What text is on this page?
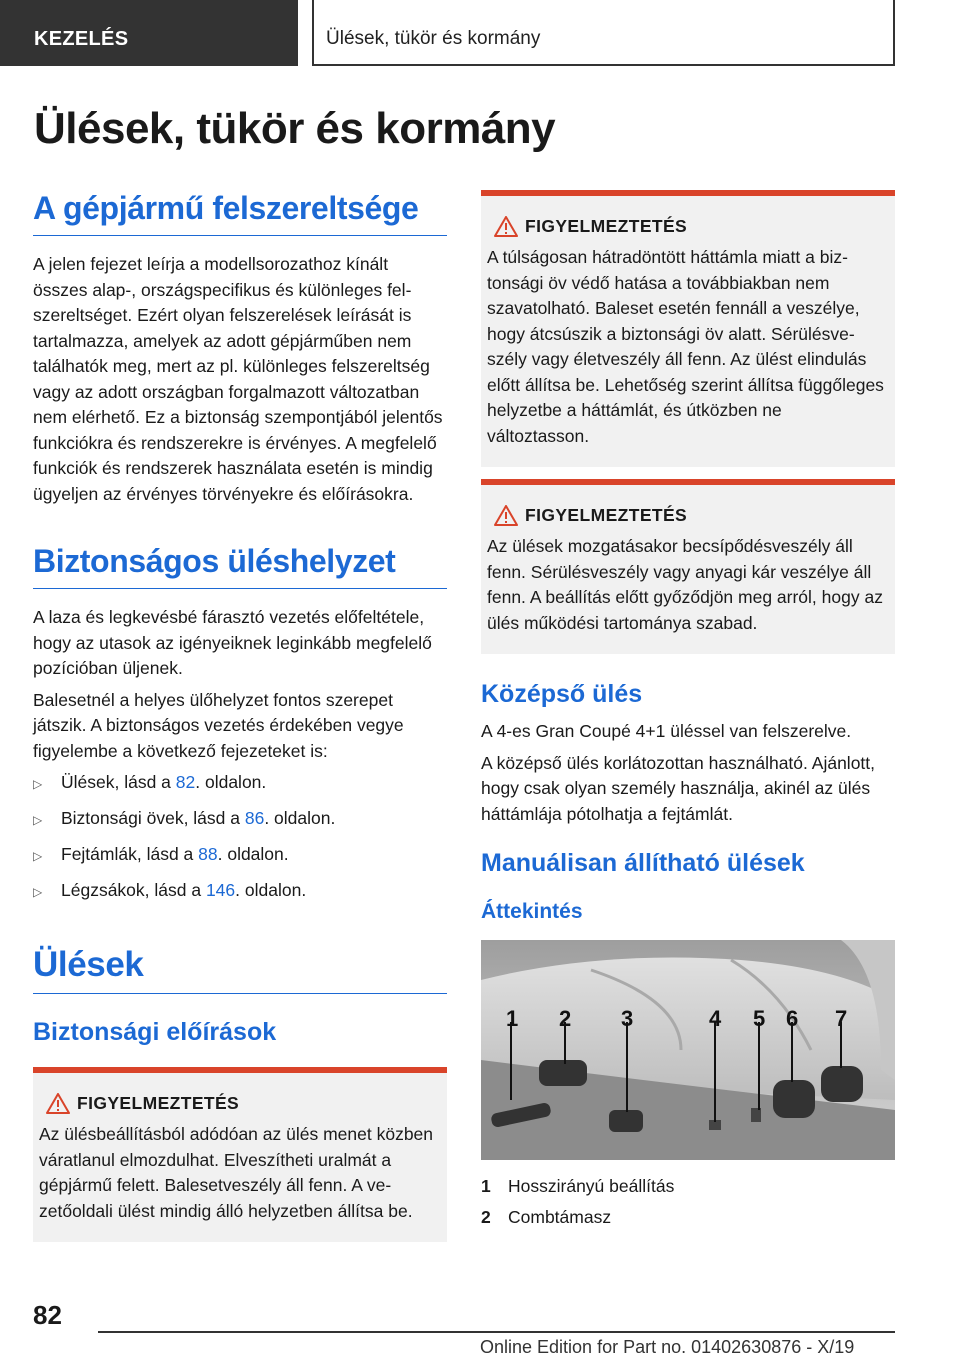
KEZELÉS	Ülések, tükör és kormány
Ülések, tükör és kormány
A gépjármű felszereltsége

A jelen fejezet leírja a modellsorozathoz kínált összes alap-, országspecifikus és különleges felszereltséget. Ezért olyan felszerelések leírását is tartalmazza, amelyek az adott gépjárműben nem találhatók meg, mert az pl. különleges felszereltség vagy az adott országban forgalmazott változatban nem elérhető. Ez a biztonság szempontjából jelentős funkciókra és rendszerekre is érvényes. A megfelelő funkciók és rendszerek használata esetén is mindig ügyeljen az érvényes törvényekre és előírásokra.

Biztonságos üléshelyzet

A laza és legkevésbé fárasztó vezetés előfeltétele, hogy az utasok az igényeiknek leginkább megfelelő pozícióban üljenek.

Balesetnél a helyes ülőhelyzet fontos szerepet játszik. A biztonságos vezetés érdekében vegye figyelembe a következő fejezeteket is:

▷	Ülések, lásd a 82. oldalon.
▷	Biztonsági övek, lásd a 86. oldalon.
▷	Fejtámlák, lásd a 88. oldalon.
▷	Légzsákok, lásd a 146. oldalon.
Ülések
Biztonsági előírások
FIGYELMEZTETÉS
Az ülésbeállításból adódóan az ülés menet közben váratlanul elmozdulhat. Elveszítheti uralmát a gépjármű felett. Balesetveszély áll fenn. A vezetőoldali ülést mindig álló helyzetben állítsa be.
FIGYELMEZTETÉS
A túlságosan hátradöntött háttámla miatt a biztonsági öv védő hatása a továbbiakban nem szavatolható. Baleset esetén fennáll a veszélye, hogy átcsúszik a biztonsági öv alatt. Sérülésveszély vagy életveszély áll fenn. Az ülést elindulás előtt állítsa be. Lehetőség szerint állítsa függőleges helyzetbe a háttámlát, és útközben ne változtasson.
FIGYELMEZTETÉS
Az ülések mozgatásakor becsípődésveszély áll fenn. Sérülésveszély vagy anyagi kár veszélye áll fenn. A beállítás előtt győződjön meg arról, hogy az ülés működési tartománya szabad.
Középső ülés

A 4-es Gran Coupé 4+1 üléssel van felszerelve.

A középső ülés korlátozottan használható. Ajánlott, hogy csak olyan személy használja, akinél az ülés háttámlája pótolhatja a fejtámlát.

Manuálisan állítható ülések
Áttekintés
1 2 3	4 5 6 7
1 Hosszirányú beállítás
2 Combtámasz
82
Online Edition for Part no. 01402630876 - X/19
